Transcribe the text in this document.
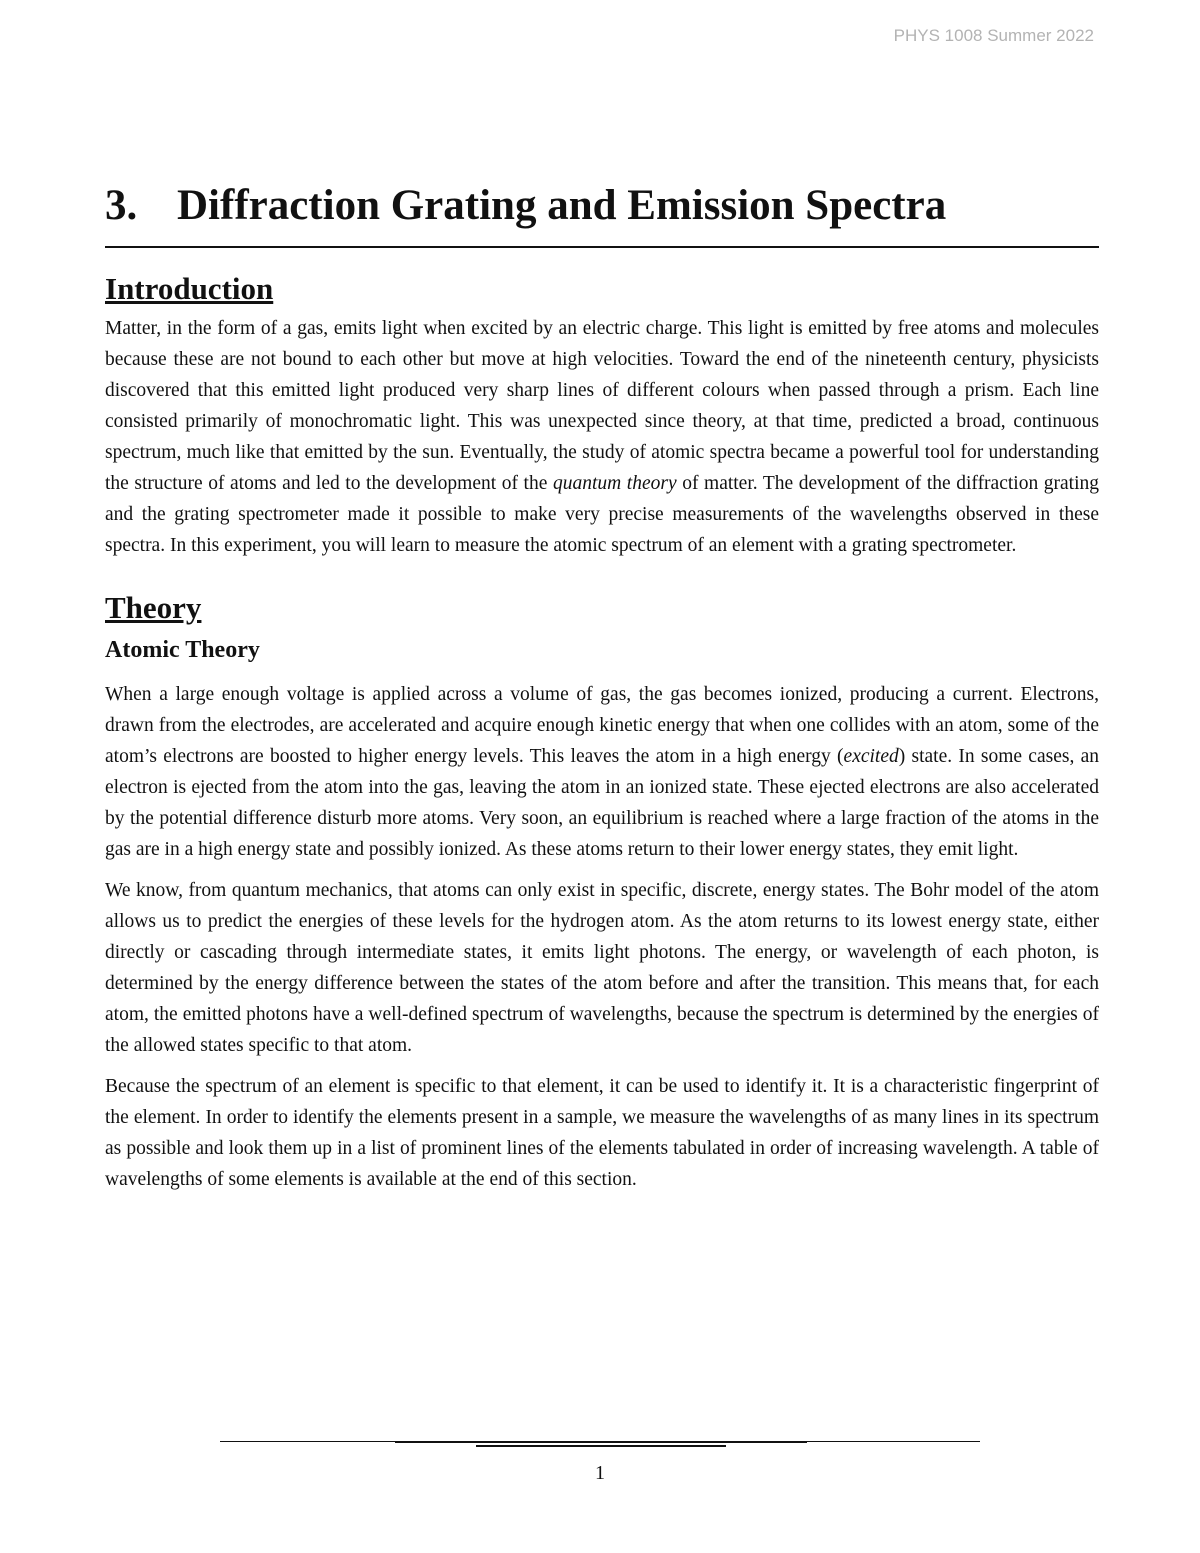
PHYS 1008 Summer 2022
3. Diffraction Grating and Emission Spectra
Introduction

Matter, in the form of a gas, emits light when excited by an electric charge. This light is emitted by free atoms and molecules because these are not bound to each other but move at high velocities. Toward the end of the nineteenth century, physicists discovered that this emitted light produced very sharp lines of different colours when passed through a prism. Each line consisted primarily of monochromatic light. This was unexpected since theory, at that time, predicted a broad, continuous spectrum, much like that emitted by the sun. Eventually, the study of atomic spectra became a powerful tool for understanding the structure of atoms and led to the development of the quantum theory of matter. The development of the diffraction grating and the grating spectrometer made it possible to make very precise measurements of the wavelengths observed in these spectra. In this experiment, you will learn to measure the atomic spectrum of an element with a grating spectrometer.

Theory
Atomic Theory

When a large enough voltage is applied across a volume of gas, the gas becomes ionized, producing a current. Electrons, drawn from the electrodes, are accelerated and acquire enough kinetic energy that when one collides with an atom, some of the atom’s electrons are boosted to higher energy levels. This leaves the atom in a high energy (excited) state. In some cases, an electron is ejected from the atom into the gas, leaving the atom in an ionized state. These ejected electrons are also accelerated by the potential difference disturb more atoms. Very soon, an equilibrium is reached where a large fraction of the atoms in the gas are in a high energy state and possibly ionized. As these atoms return to their lower energy states, they emit light.

We know, from quantum mechanics, that atoms can only exist in specific, discrete, energy states. The Bohr model of the atom allows us to predict the energies of these levels for the hydrogen atom. As the atom returns to its lowest energy state, either directly or cascading through intermediate states, it emits light photons. The energy, or wavelength of each photon, is determined by the energy difference between the states of the atom before and after the transition. This means that, for each atom, the emitted photons have a well-defined spectrum of wavelengths, because the spectrum is determined by the energies of the allowed states specific to that atom.

Because the spectrum of an element is specific to that element, it can be used to identify it. It is a characteristic fingerprint of the element. In order to identify the elements present in a sample, we measure the wavelengths of as many lines in its spectrum as possible and look them up in a list of prominent lines of the elements tabulated in order of increasing wavelength. A table of wavelengths of some elements is available at the end of this section.

1
